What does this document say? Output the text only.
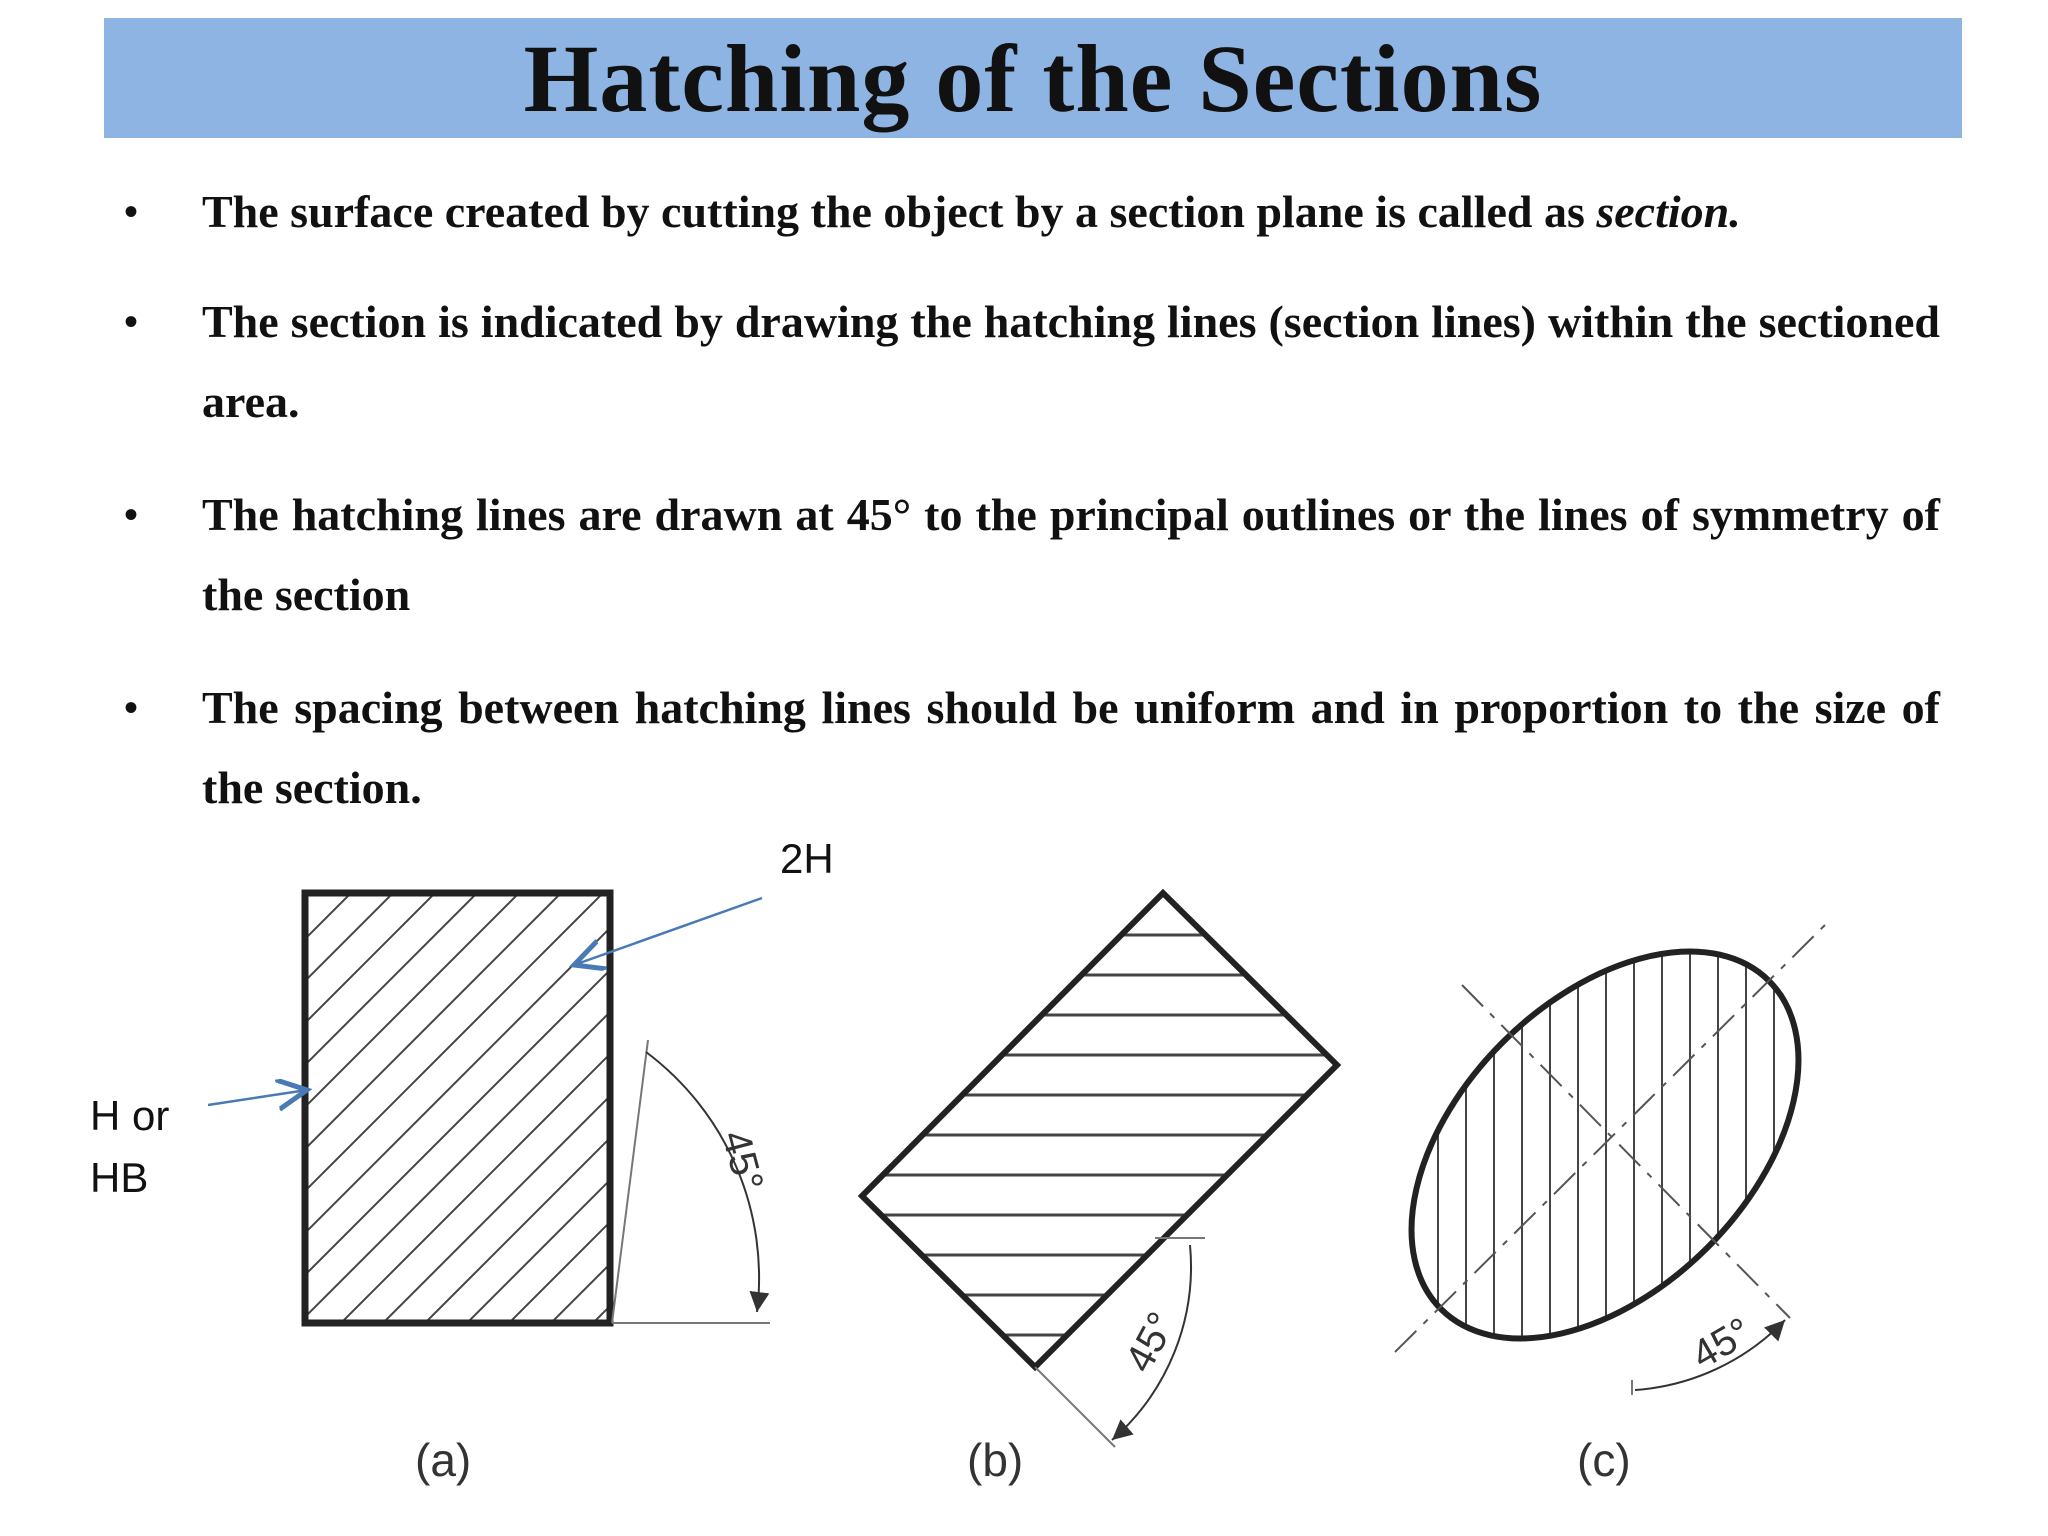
Hatching of the Sections
• The surface created by cutting the object by a section plane is called as section.
• The section is indicated by drawing the hatching lines (section lines) within the sectioned area.
• The hatching lines are drawn at 45° to the principal outlines or the lines of symmetry of the section
• The spacing between hatching lines should be uniform and in proportion to the size of the section.
45°
45°	45°
(a)	(b)	(c)
2H
H or
HB
